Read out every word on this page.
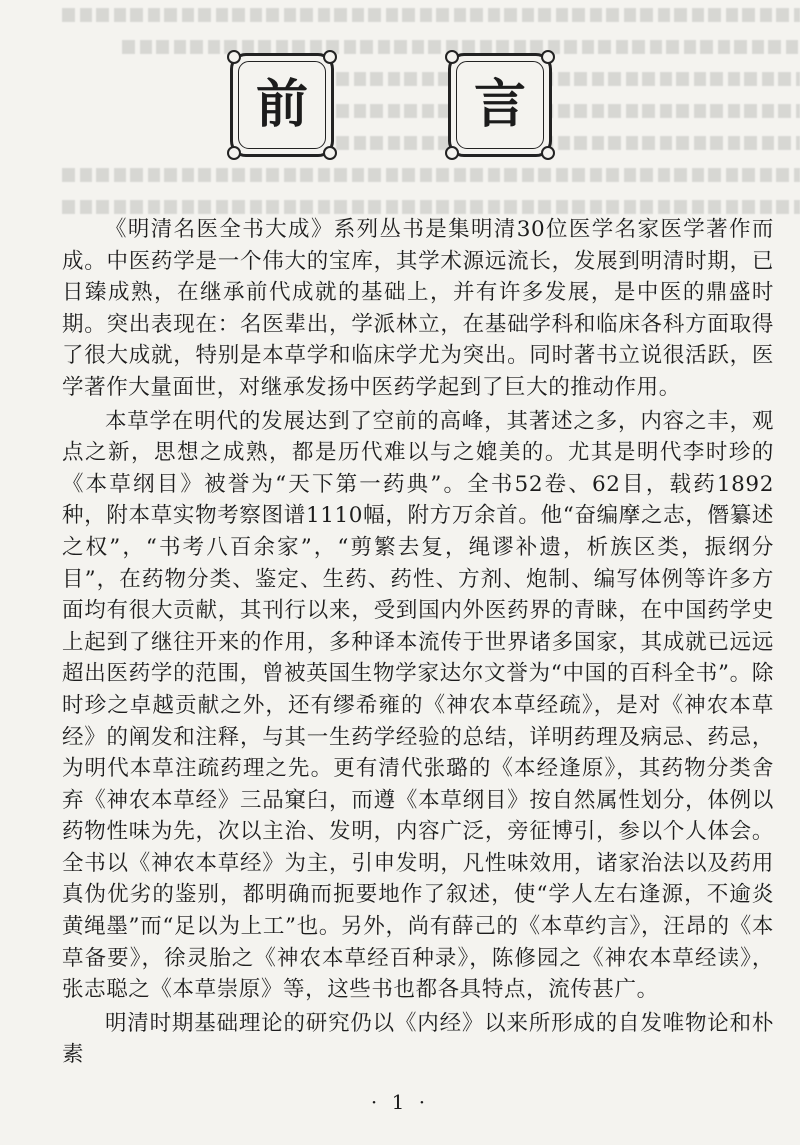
前	言

《明清名医全书大成》系列丛书是集明清30位医学名家医学著作而成。中医药学是一个伟大的宝库，其学术源远流长，发展到明清时期，已日臻成熟，在继承前代成就的基础上，并有许多发展，是中医的鼎盛时期。突出表现在：名医辈出，学派林立，在基础学科和临床各科方面取得了很大成就，特别是本草学和临床学尤为突出。同时著书立说很活跃，医学著作大量面世，对继承发扬中医药学起到了巨大的推动作用。

本草学在明代的发展达到了空前的高峰，其著述之多，内容之丰，观点之新，思想之成熟，都是历代难以与之媲美的。尤其是明代李时珍的《本草纲目》被誉为“天下第一药典”。全书52卷、62目，载药1892种，附本草实物考察图谱1110幅，附方万余首。他“奋编摩之志，僭纂述之权”，“书考八百余家”，“剪繁去复，绳谬补遗，析族区类，振纲分目”，在药物分类、鉴定、生药、药性、方剂、炮制、编写体例等许多方面均有很大贡献，其刊行以来，受到国内外医药界的青睐，在中国药学史上起到了继往开来的作用，多种译本流传于世界诸多国家，其成就已远远超出医药学的范围，曾被英国生物学家达尔文誉为“中国的百科全书”。除时珍之卓越贡献之外，还有缪希雍的《神农本草经疏》，是对《神农本草经》的阐发和注释，与其一生药学经验的总结，详明药理及病忌、药忌，为明代本草注疏药理之先。更有清代张璐的《本经逢原》，其药物分类舍弃《神农本草经》三品窠臼，而遵《本草纲目》按自然属性划分，体例以药物性味为先，次以主治、发明，内容广泛，旁征博引，参以个人体会。全书以《神农本草经》为主，引申发明，凡性味效用，诸家治法以及药用真伪优劣的鉴别，都明确而扼要地作了叙述，使“学人左右逢源，不逾炎黄绳墨”而“足以为上工”也。另外，尚有薛己的《本草约言》，汪昂的《本草备要》，徐灵胎之《神农本草经百种录》，陈修园之《神农本草经读》，张志聪之《本草崇原》等，这些书也都各具特点，流传甚广。

明清时期基础理论的研究仍以《内经》以来所形成的自发唯物论和朴素

· 1 ·
